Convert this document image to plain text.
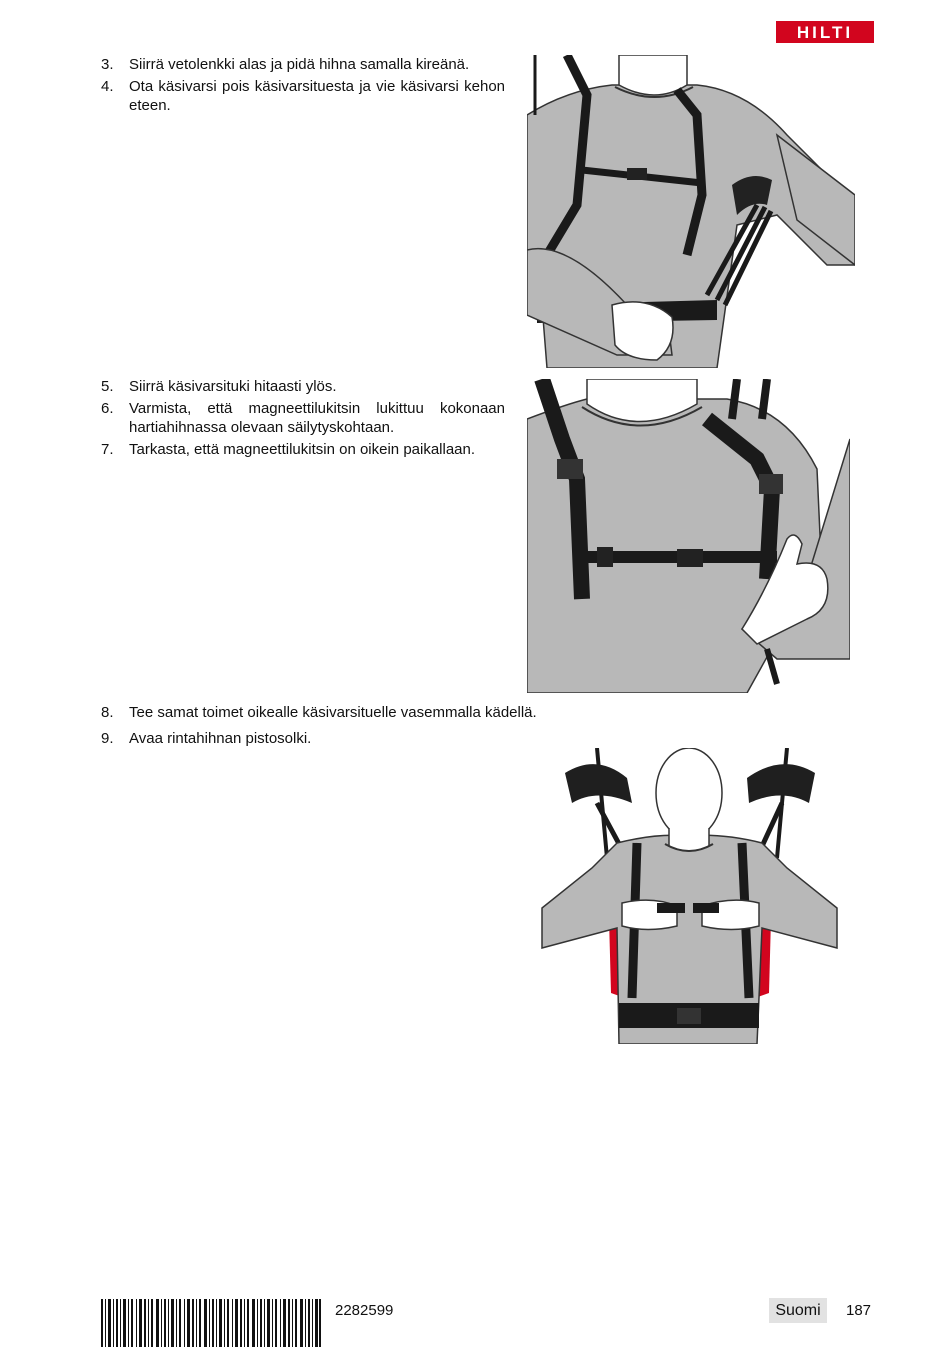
HILTI
3. Siirrä vetolenkki alas ja pidä hihna samalla kireänä.
4. Ota käsivarsi pois käsivarsituesta ja vie käsivarsi kehon eteen.
5. Siirrä käsivarsituki hitaasti ylös.
6. Varmista, että magneettilukitsin lukittuu kokonaan hartiahihnassa olevaan säilytyskohtaan.
7. Tarkasta, että magneettilukitsin on oikein paikallaan.
8. Tee samat toimet oikealle käsivarsituelle vasemmalla kädellä.
9. Avaa rintahihnan pistosolki.
2282599	Suomi	187
